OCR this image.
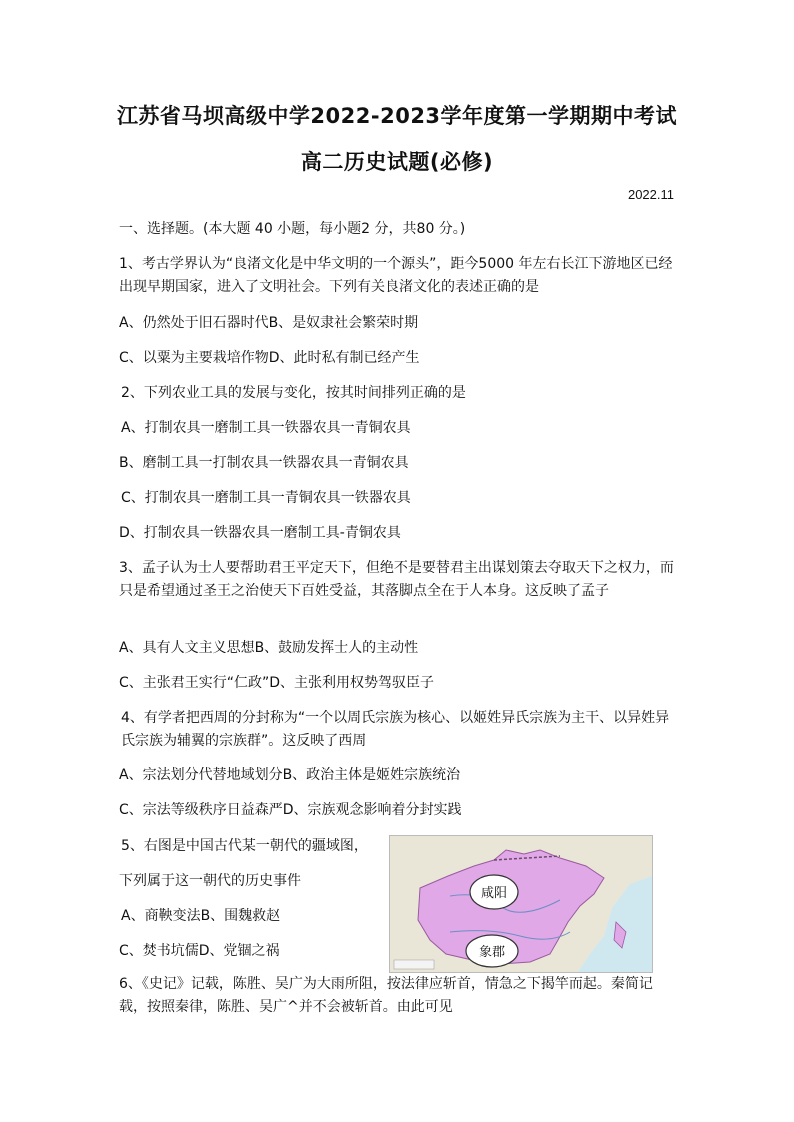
江苏省马坝高级中学2022-2023学年度第一学期期中考试
高二历史试题(必修)
2022.11
一、选择题。(本大题 40 小题，每小题2 分，共80 分。)
1、考古学界认为“良渚文化是中华文明的一个源头”，距今5000 年左右长江下游地区已经出现早期国家，进入了文明社会。下列有关良渚文化的表述正确的是
A、仍然处于旧石器时代B、是奴隶社会繁荣时期
C、以粟为主要栽培作物D、此时私有制已经产生
2、下列农业工具的发展与变化，按其时间排列正确的是
A、打制农具一磨制工具一铁器农具一青铜农具
B、磨制工具一打制农具一铁器农具一青铜农具
C、打制农具一磨制工具一青铜农具一铁器农具
D、打制农具一铁器农具一磨制工具-青铜农具
3、孟子认为士人要帮助君王平定天下，但绝不是要替君主出谋划策去夺取天下之权力，而只是希望通过圣王之治使天下百姓受益，其落脚点全在于人本身。这反映了孟子
A、具有人文主义思想B、鼓励发挥士人的主动性
C、主张君王实行“仁政”D、主张利用权势驾驭臣子
4、有学者把西周的分封称为“一个以周氏宗族为核心、以姬姓异氏宗族为主干、以异姓异氏宗族为辅翼的宗族群”。这反映了西周
A、宗法划分代替地域划分B、政治主体是姬姓宗族统治
C、宗法等级秩序日益森严D、宗族观念影响着分封实践
5、右图是中国古代某一朝代的疆域图，
下列属于这一朝代的历史事件
A、商鞅变法B、围魏救赵
C、焚书坑儒D、党锢之祸
咸阳
象郡
6、《史记》记载，陈胜、吴广为大雨所阻，按法律应斩首，情急之下揭竿而起。秦简记载，按照秦律，陈胜、吴广^并不会被斩首。由此可见
